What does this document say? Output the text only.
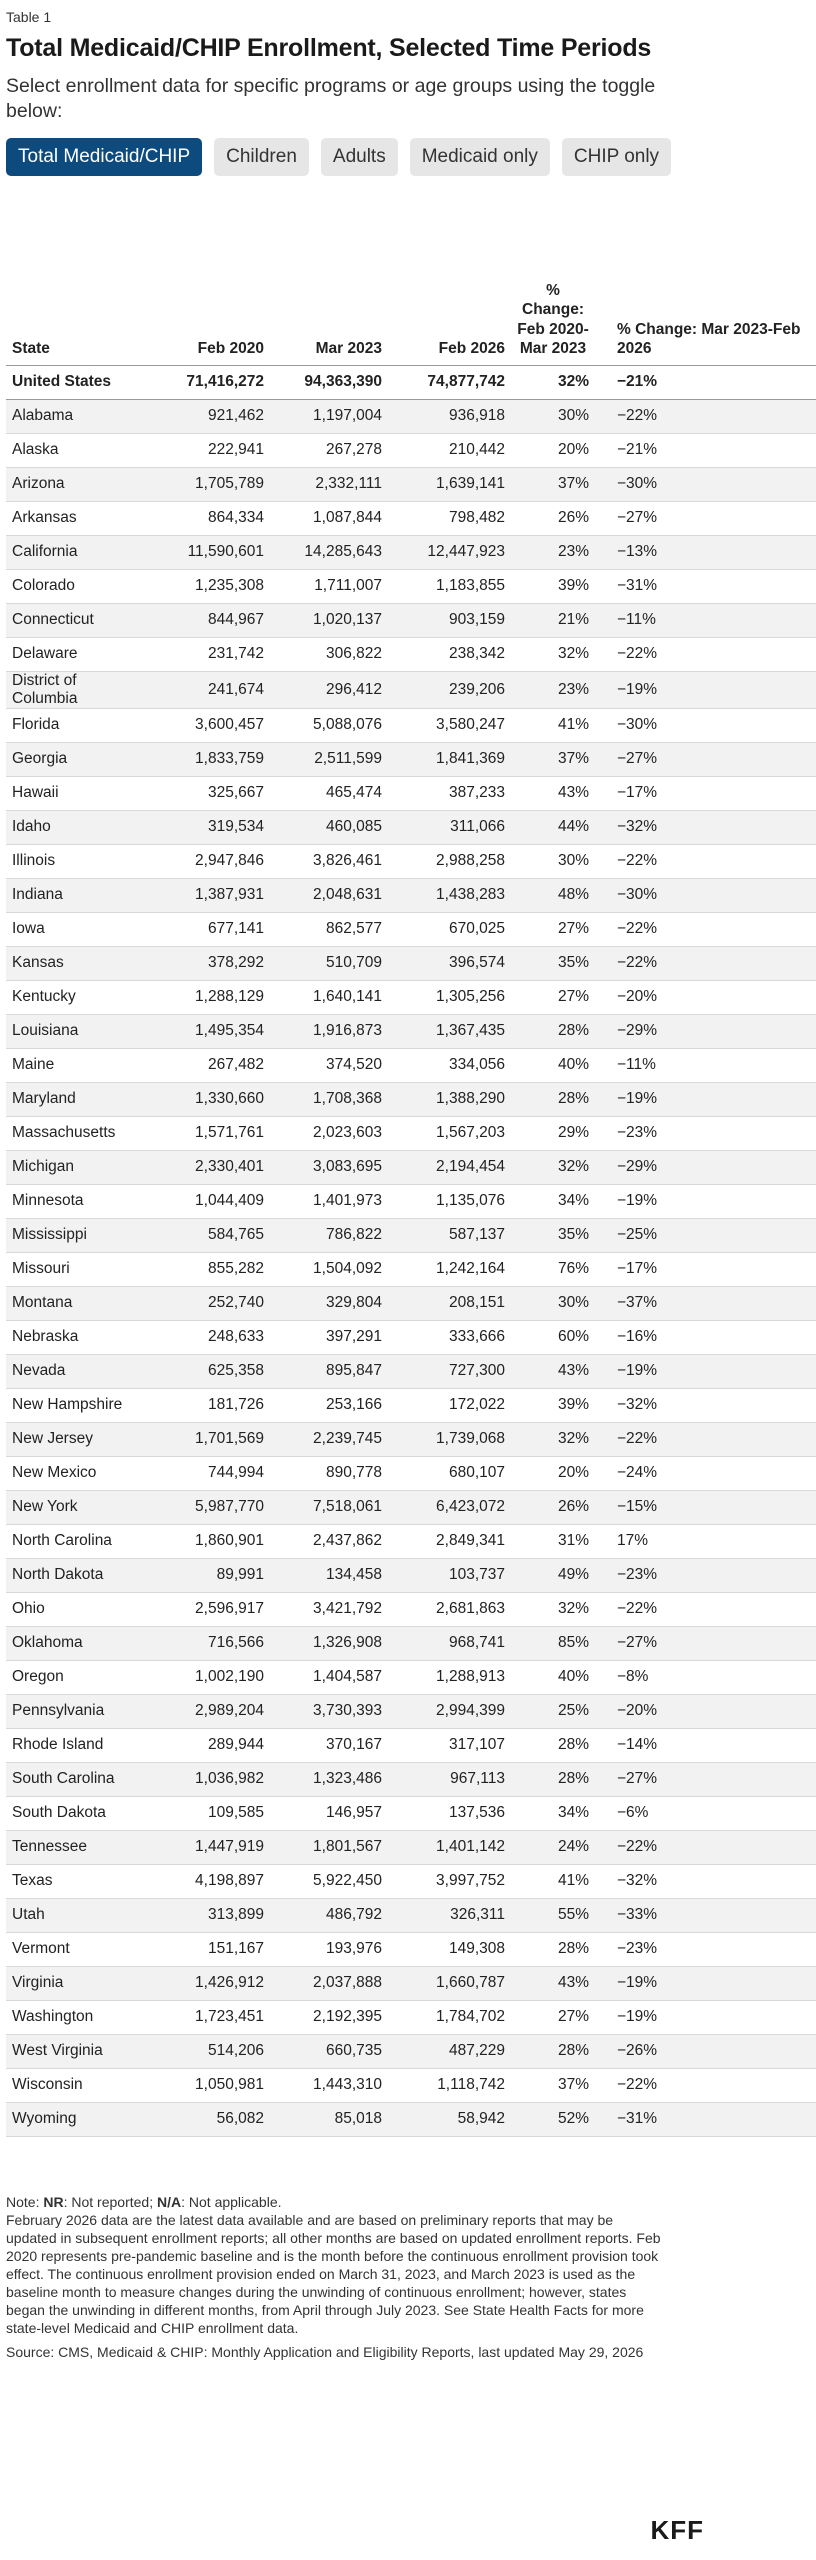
Table 1
Total Medicaid/CHIP Enrollment, Selected Time Periods
Select enrollment data for specific programs or age groups using the toggle below:
Total Medicaid/CHIP	Children	Adults	Medicaid only	CHIP only
State	Feb 2020	Mar 2023	Feb 2026	% Change: Feb 2020-Mar 2023	% Change: Mar 2023-Feb 2026
United States	71,416,272	94,363,390	74,877,742	32%	−21%
Alabama	921,462	1,197,004	936,918	30%	−22%
Alaska	222,941	267,278	210,442	20%	−21%
Arizona	1,705,789	2,332,111	1,639,141	37%	−30%
Arkansas	864,334	1,087,844	798,482	26%	−27%
California	11,590,601	14,285,643	12,447,923	23%	−13%
Colorado	1,235,308	1,711,007	1,183,855	39%	−31%
Connecticut	844,967	1,020,137	903,159	21%	−11%
Delaware	231,742	306,822	238,342	32%	−22%
District of Columbia	241,674	296,412	239,206	23%	−19%
Florida	3,600,457	5,088,076	3,580,247	41%	−30%
Georgia	1,833,759	2,511,599	1,841,369	37%	−27%
Hawaii	325,667	465,474	387,233	43%	−17%
Idaho	319,534	460,085	311,066	44%	−32%
Illinois	2,947,846	3,826,461	2,988,258	30%	−22%
Indiana	1,387,931	2,048,631	1,438,283	48%	−30%
Iowa	677,141	862,577	670,025	27%	−22%
Kansas	378,292	510,709	396,574	35%	−22%
Kentucky	1,288,129	1,640,141	1,305,256	27%	−20%
Louisiana	1,495,354	1,916,873	1,367,435	28%	−29%
Maine	267,482	374,520	334,056	40%	−11%
Maryland	1,330,660	1,708,368	1,388,290	28%	−19%
Massachusetts	1,571,761	2,023,603	1,567,203	29%	−23%
Michigan	2,330,401	3,083,695	2,194,454	32%	−29%
Minnesota	1,044,409	1,401,973	1,135,076	34%	−19%
Mississippi	584,765	786,822	587,137	35%	−25%
Missouri	855,282	1,504,092	1,242,164	76%	−17%
Montana	252,740	329,804	208,151	30%	−37%
Nebraska	248,633	397,291	333,666	60%	−16%
Nevada	625,358	895,847	727,300	43%	−19%
New Hampshire	181,726	253,166	172,022	39%	−32%
New Jersey	1,701,569	2,239,745	1,739,068	32%	−22%
New Mexico	744,994	890,778	680,107	20%	−24%
New York	5,987,770	7,518,061	6,423,072	26%	−15%
North Carolina	1,860,901	2,437,862	2,849,341	31%	17%
North Dakota	89,991	134,458	103,737	49%	−23%
Ohio	2,596,917	3,421,792	2,681,863	32%	−22%
Oklahoma	716,566	1,326,908	968,741	85%	−27%
Oregon	1,002,190	1,404,587	1,288,913	40%	−8%
Pennsylvania	2,989,204	3,730,393	2,994,399	25%	−20%
Rhode Island	289,944	370,167	317,107	28%	−14%
South Carolina	1,036,982	1,323,486	967,113	28%	−27%
South Dakota	109,585	146,957	137,536	34%	−6%
Tennessee	1,447,919	1,801,567	1,401,142	24%	−22%
Texas	4,198,897	5,922,450	3,997,752	41%	−32%
Utah	313,899	486,792	326,311	55%	−33%
Vermont	151,167	193,976	149,308	28%	−23%
Virginia	1,426,912	2,037,888	1,660,787	43%	−19%
Washington	1,723,451	2,192,395	1,784,702	27%	−19%
West Virginia	514,206	660,735	487,229	28%	−26%
Wisconsin	1,050,981	1,443,310	1,118,742	37%	−22%
Wyoming	56,082	85,018	58,942	52%	−31%

Note: NR: Not reported; N/A: Not applicable.

February 2026 data are the latest data available and are based on preliminary reports that may be updated in subsequent enrollment reports; all other months are based on updated enrollment reports. Feb 2020 represents pre-pandemic baseline and is the month before the continuous enrollment provision took effect. The continuous enrollment provision ended on March 31, 2023, and March 2023 is used as the baseline month to measure changes during the unwinding of continuous enrollment; however, states began the unwinding in different months, from April through July 2023. See State Health Facts for more state-level Medicaid and CHIP enrollment data.

Source: CMS, Medicaid & CHIP: Monthly Application and Eligibility Reports, last updated May 29, 2026
KFF
